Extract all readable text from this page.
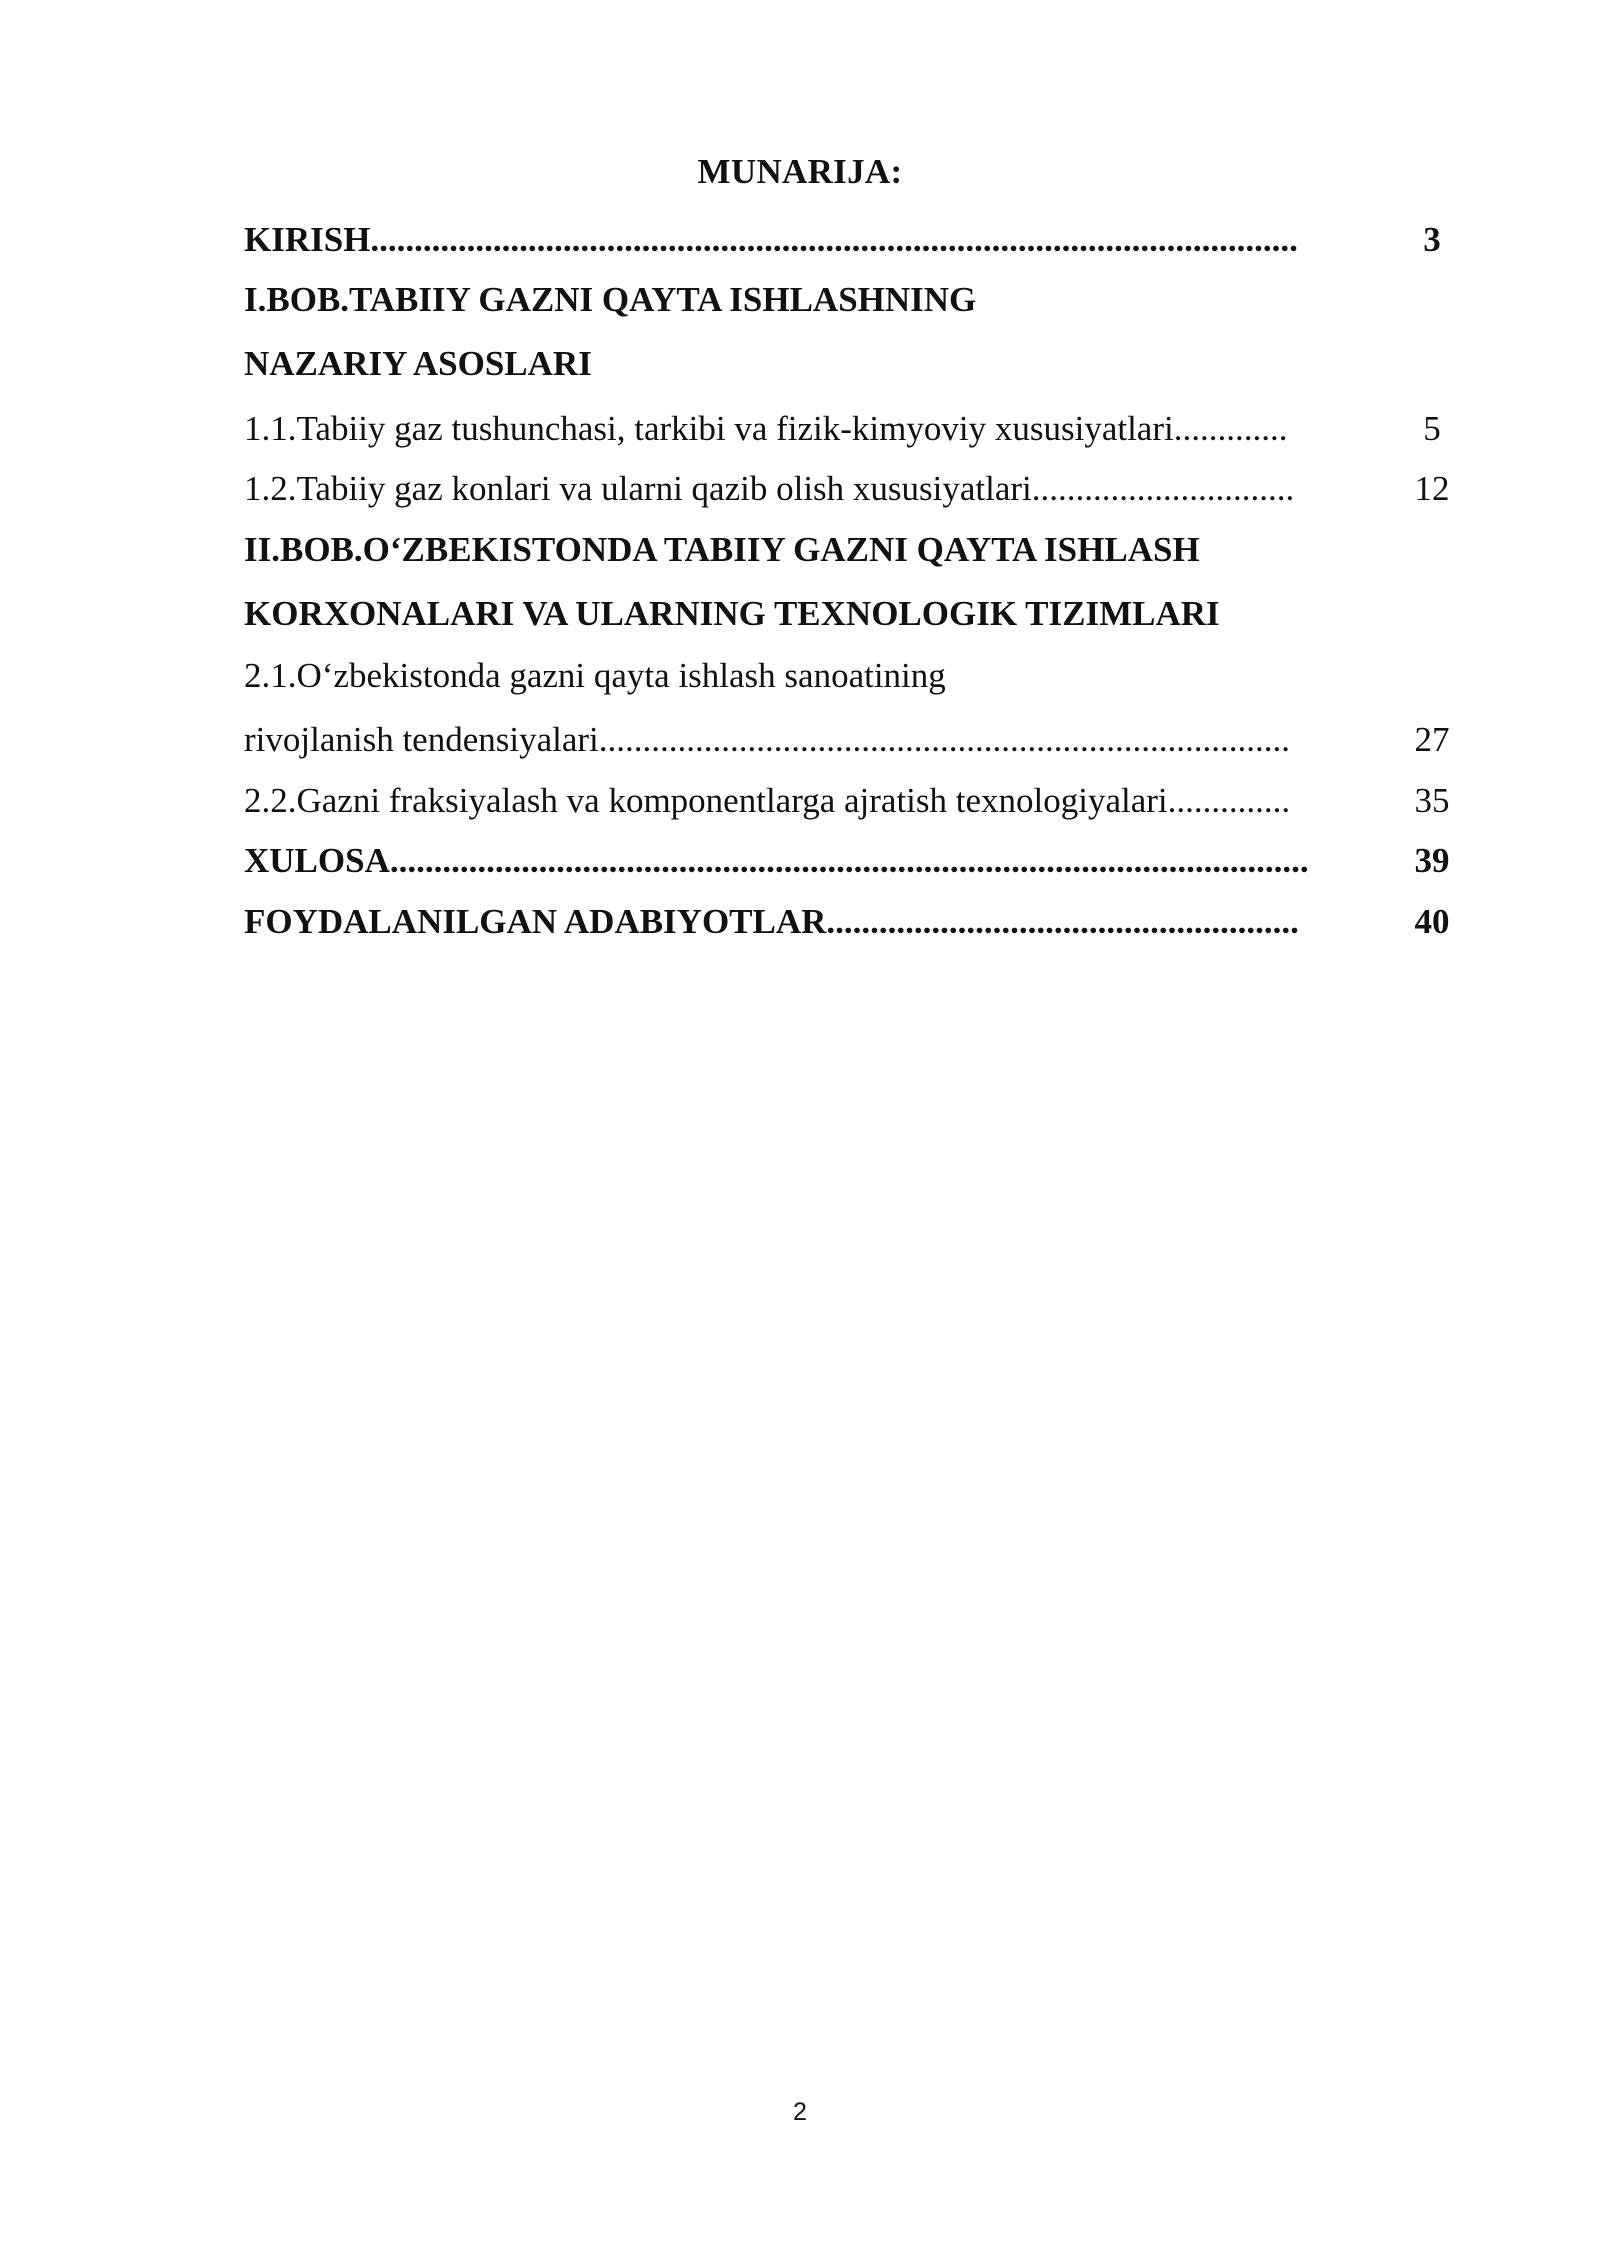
MUNARIJA:
KIRISH..........................................................................................................	3
I.BOB.TABIIY GAZNI QAYTA ISHLASHNING
NAZARIY ASOSLARI
1.1.Tabiiy gaz tushunchasi, tarkibi va fizik-kimyoviy xususiyatlari.............	5
1.2.Tabiiy gaz konlari va ularni qazib olish xususiyatlari..............................	12
II.BOB.O‘ZBEKISTONDA TABIIY GAZNI QAYTA ISHLASH
KORXONALARI VA ULARNING TEXNOLOGIK TIZIMLARI
2.1.O‘zbekistonda gazni qayta ishlash sanoatining
rivojlanish tendensiyalari...............................................................................	27
2.2.Gazni fraksiyalash va komponentlarga ajratish texnologiyalari..............	35
XULOSA.........................................................................................................	39
FOYDALANILGAN ADABIYOTLAR......................................................	40
2
